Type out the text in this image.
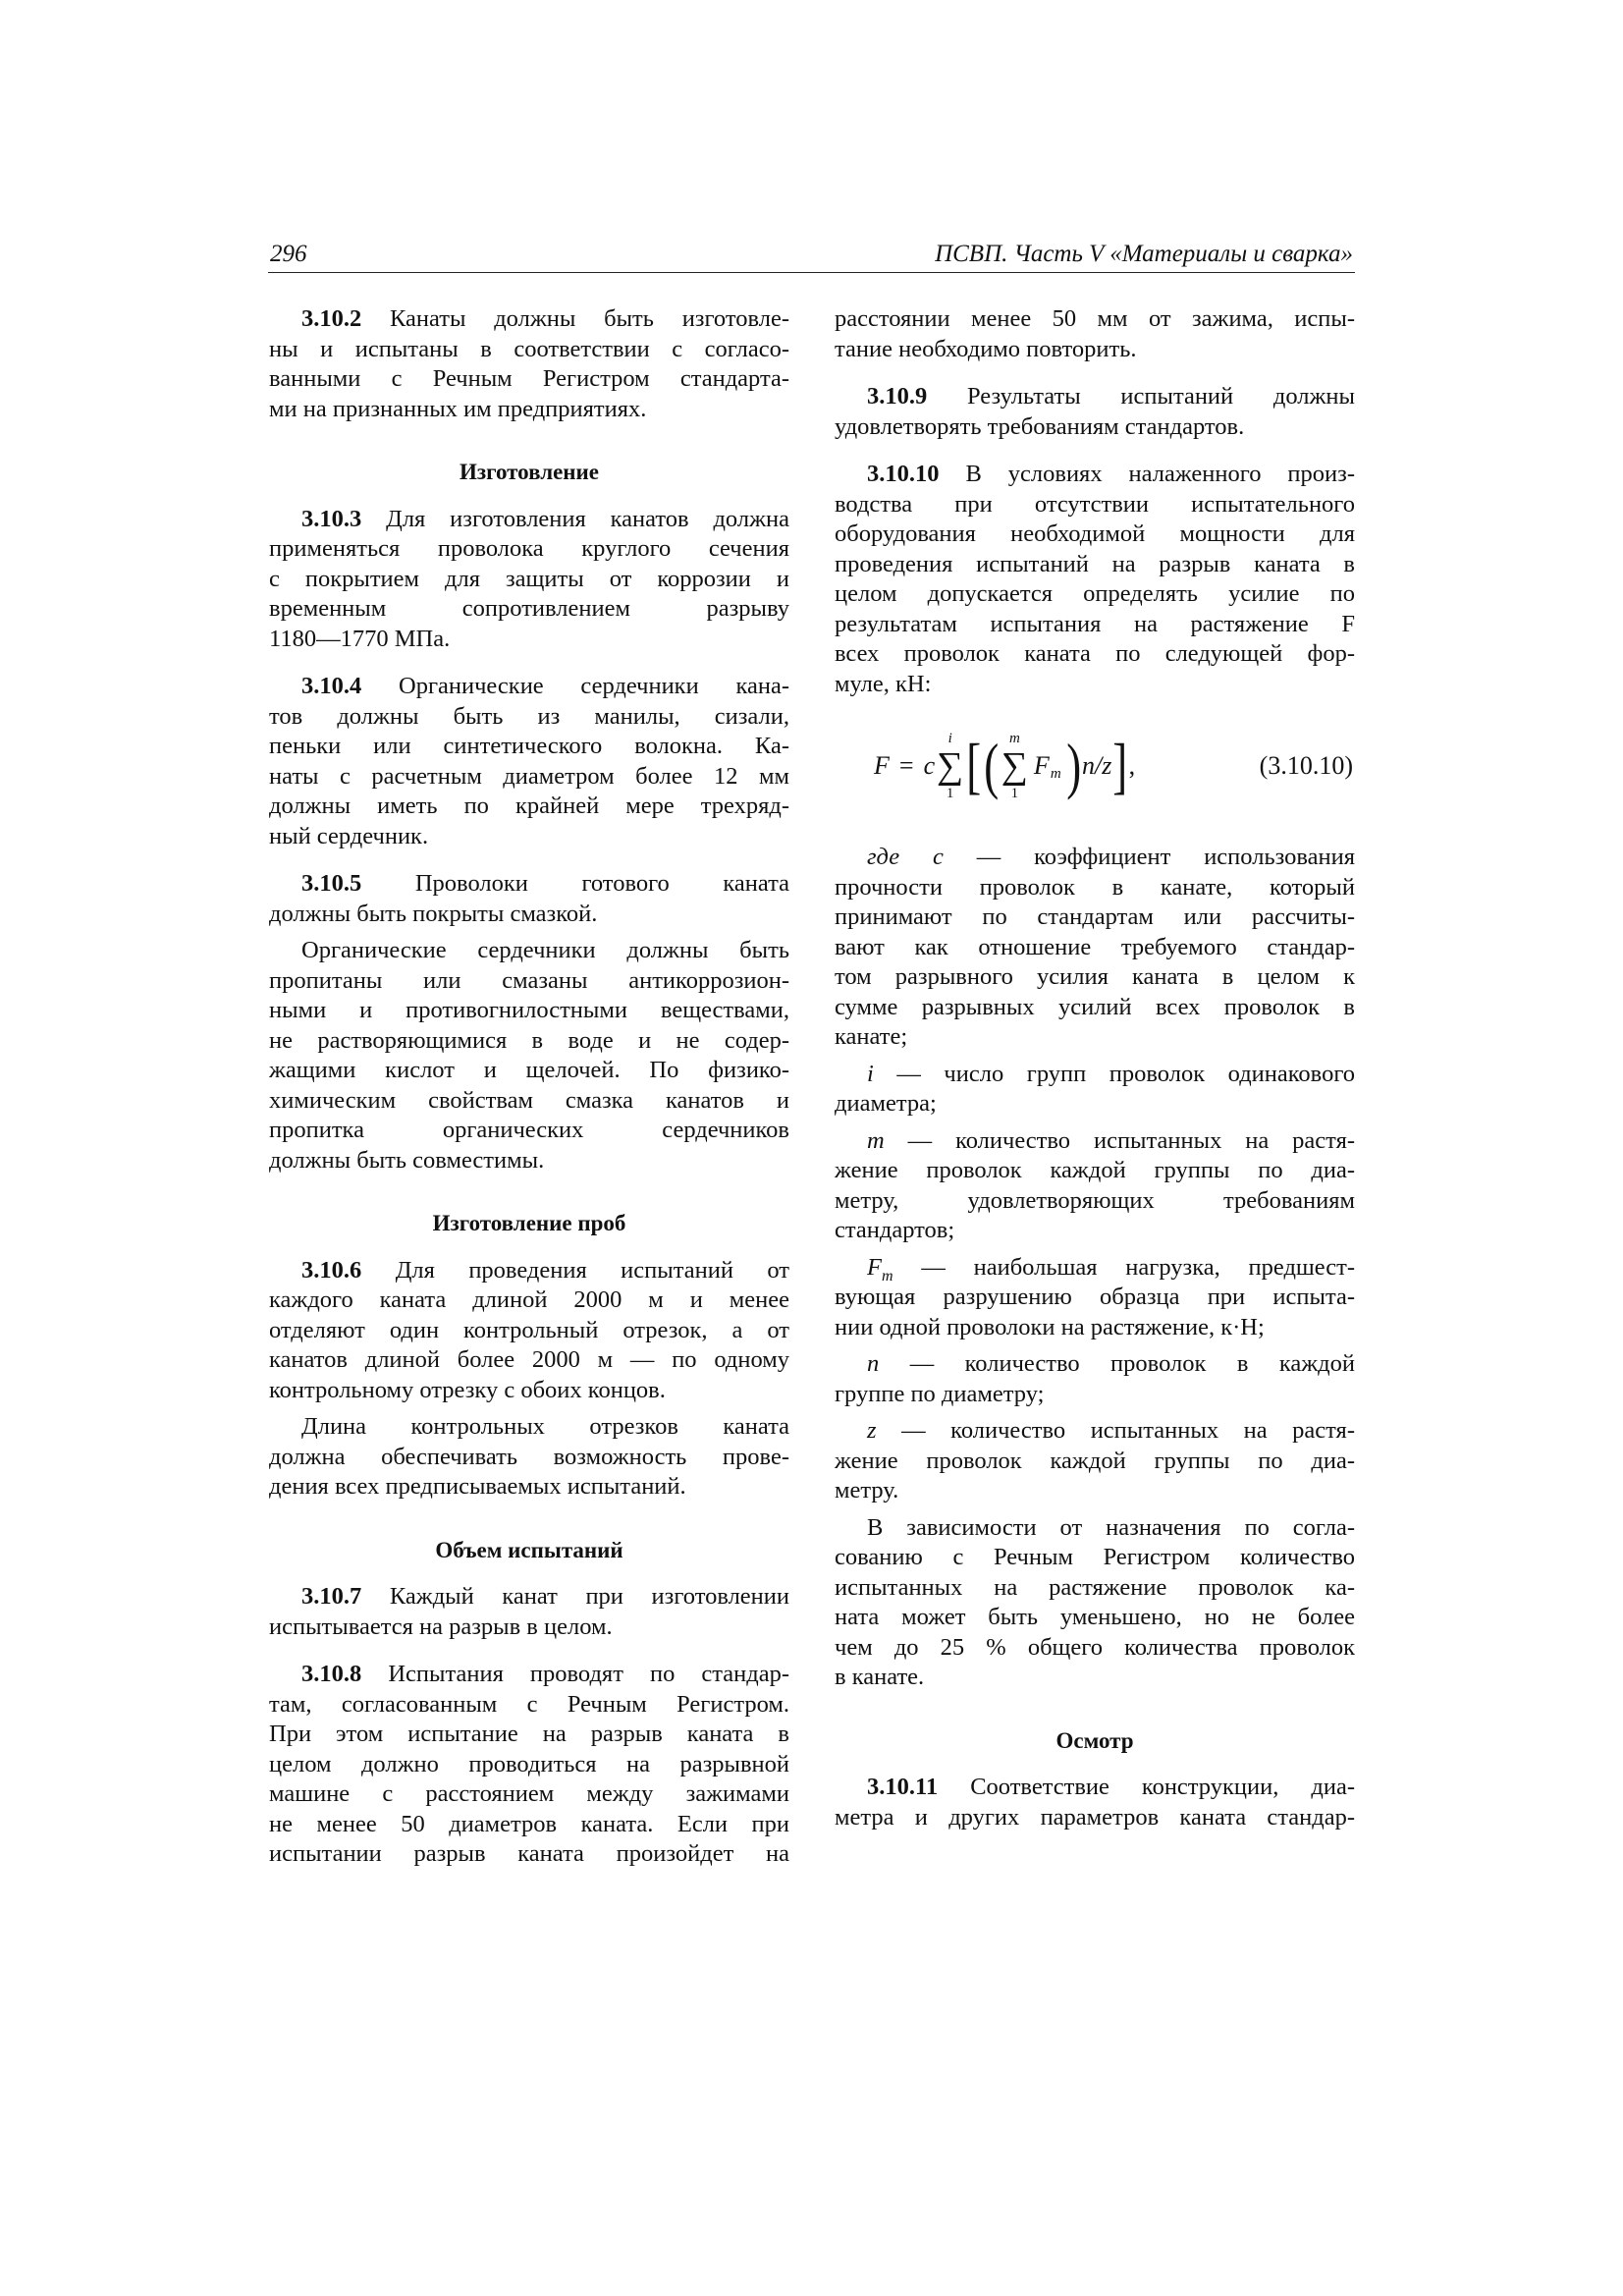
296	ПСВП. Часть V «Материалы и сварка»
3.10.2 Канаты должны быть изготовле-
ны и испытаны в соответствии с согласо-
ванными с Речным Регистром стандарта-
ми на признанных им предприятиях.
Изготовление
3.10.3 Для изготовления канатов должна
применяться проволока круглого сечения
с покрытием для защиты от коррозии и
временным сопротивлением разрыву
1180—1770 МПа.
3.10.4 Органические сердечники кана-
тов должны быть из манилы, сизали,
пеньки или синтетического волокна. Ка-
наты с расчетным диаметром более 12 мм
должны иметь по крайней мере трехряд-
ный сердечник.
3.10.5 Проволоки готового каната
должны быть покрыты смазкой.
Органические сердечники должны быть
пропитаны или смазаны антикоррозион-
ными и противогнилостными веществами,
не растворяющимися в воде и не содер-
жащими кислот и щелочей. По физико-
химическим свойствам смазка канатов и
пропитка органических сердечников
должны быть совместимы.
Изготовление проб
3.10.6 Для проведения испытаний от
каждого каната длиной 2000 м и менее
отделяют один контрольный отрезок, а от
канатов длиной более 2000 м — по одному
контрольному отрезку с обоих концов.
Длина контрольных отрезков каната
должна обеспечивать возможность прове-
дения всех предписываемых испытаний.
Объем испытаний
3.10.7 Каждый канат при изготовлении
испытывается на разрыв в целом.
3.10.8 Испытания проводят по стандар-
там, согласованным с Речным Регистром.
При этом испытание на разрыв каната в
целом должно проводиться на разрывной
машине с расстоянием между зажимами
не менее 50 диаметров каната. Если при
испытании разрыв каната произойдет на
расстоянии менее 50 мм от зажима, испы-
тание необходимо повторить.
3.10.9 Результаты испытаний должны
удовлетворять требованиям стандартов.
3.10.10 В условиях налаженного произ-
водства при отсутствии испытательного
оборудования необходимой мощности для
проведения испытаний на разрыв каната в
целом допускается определять усилие по
результатам испытания на растяжение F
всех проволок каната по следующей фор-
муле, кН:
F = c
i
∑
1 [ ( m
∑
1
F m ) n/z ] ,	(3.10.10)
где c — коэффициент использования
прочности проволок в канате, который
принимают по стандартам или рассчиты-
вают как отношение требуемого стандар-
том разрывного усилия каната в целом к
сумме разрывных усилий всех проволок в
канате;
i — число групп проволок одинакового
диаметра;
m — количество испытанных на растя-
жение проволок каждой группы по диа-
метру, удовлетворяющих требованиям
стандартов;
$F_m$ — наибольшая нагрузка, предшест-
вующая разрушению образца при испыта-
нии одной проволоки на растяжение, к·Н;
n — количество проволок в каждой
группе по диаметру;
z — количество испытанных на растя-
жение проволок каждой группы по диа-
метру.
В зависимости от назначения по согла-
сованию с Речным Регистром количество
испытанных на растяжение проволок ка-
ната может быть уменьшено, но не более
чем до 25 % общего количества проволок
в канате.
Осмотр
3.10.11 Соответствие конструкции, диа-
метра и других параметров каната стандар-
